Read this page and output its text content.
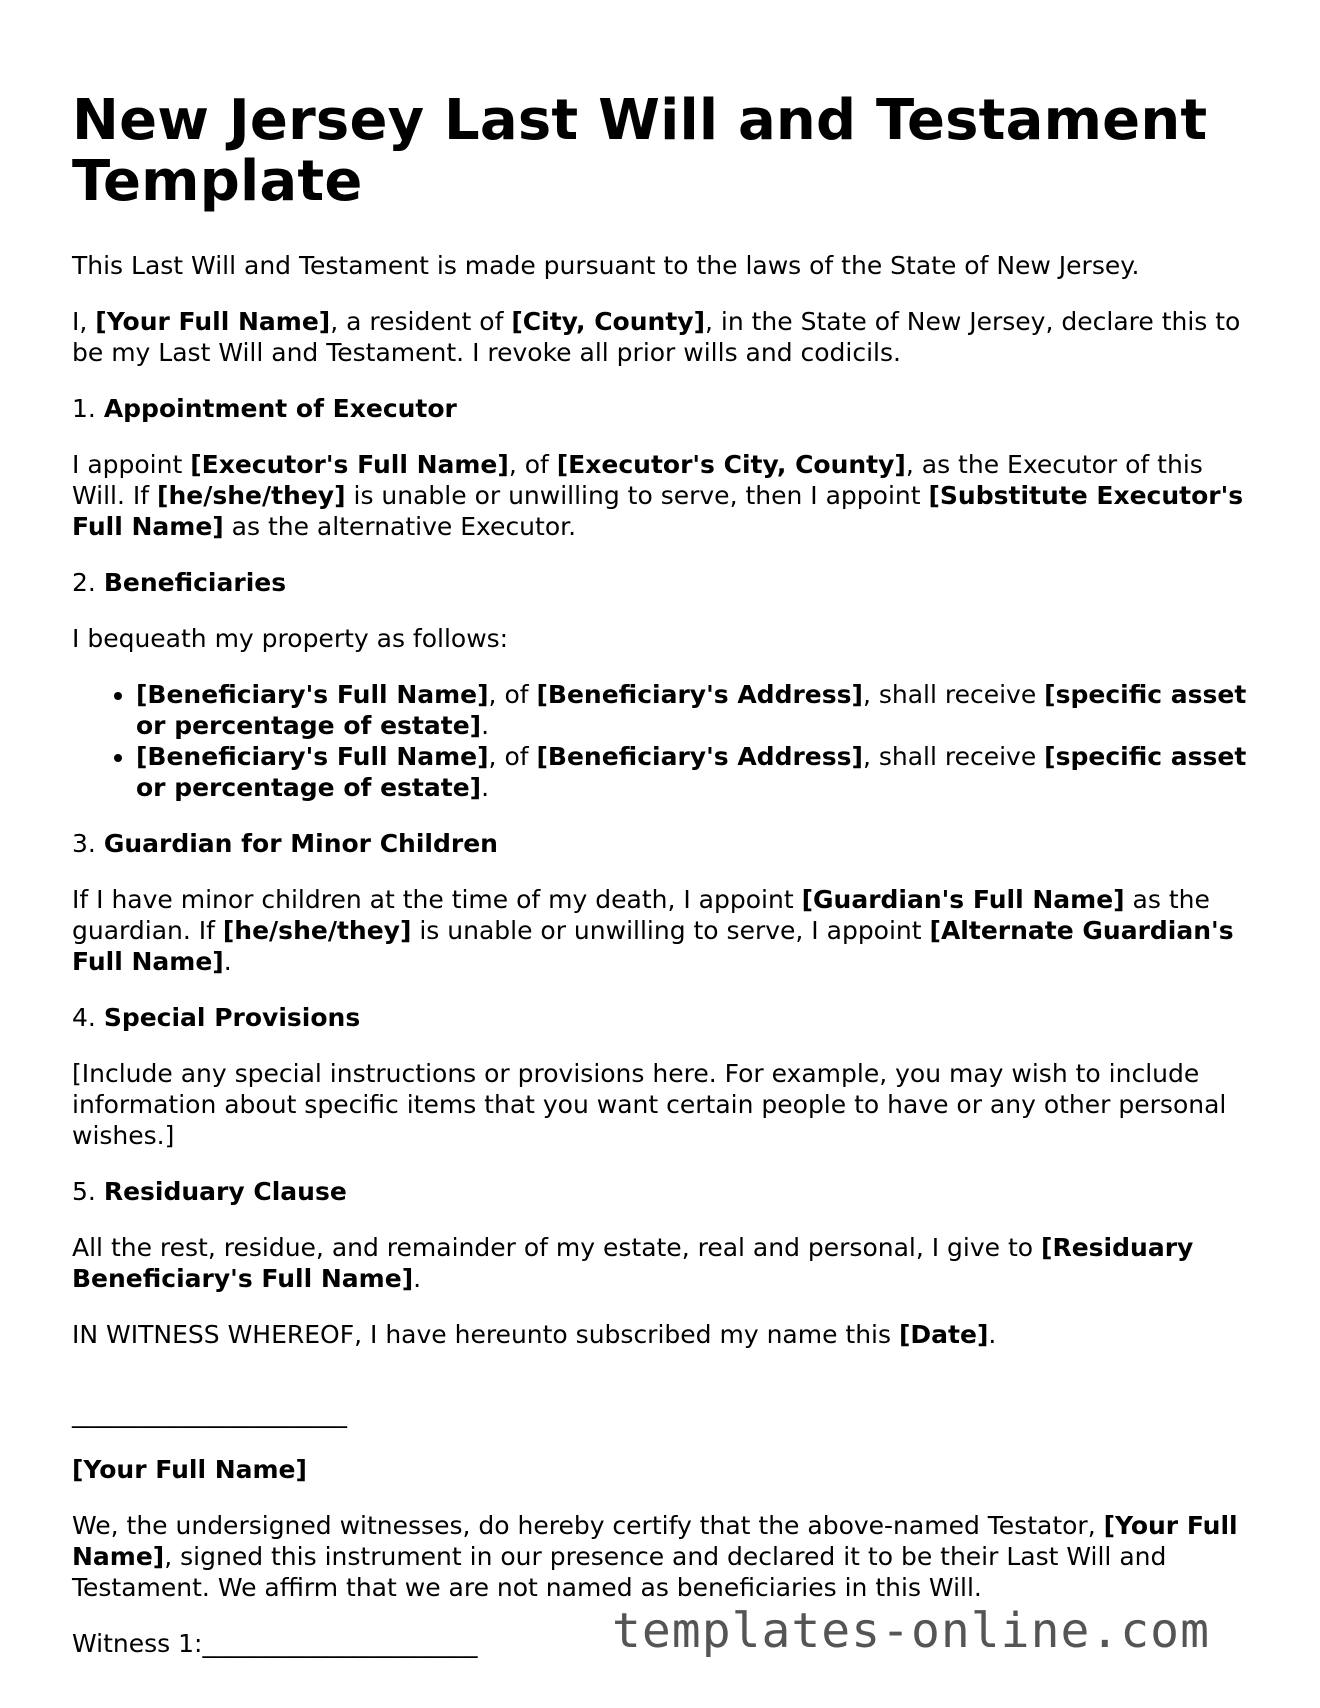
New Jersey Last Will and Testament Template

This Last Will and Testament is made pursuant to the laws of the State of New Jersey.

I, [Your Full Name], a resident of [City, County], in the State of New Jersey, declare this to be my Last Will and Testament. I revoke all prior wills and codicils.

1. Appointment of Executor

I appoint [Executor's Full Name], of [Executor's City, County], as the Executor of this Will. If [he/she/they] is unable or unwilling to serve, then I appoint [Substitute Executor's Full Name] as the alternative Executor.

2. Beneficiaries

I bequeath my property as follows:

• [Beneficiary's Full Name], of [Beneficiary's Address], shall receive [specific asset or percentage of estate].
• [Beneficiary's Full Name], of [Beneficiary's Address], shall receive [specific asset or percentage of estate].
3. Guardian for Minor Children

If I have minor children at the time of my death, I appoint [Guardian's Full Name] as the guardian. If [he/she/they] is unable or unwilling to serve, I appoint [Alternate Guardian's Full Name].

4. Special Provisions

[Include any special instructions or provisions here. For example, you may wish to include information about specific items that you want certain people to have or any other personal wishes.]

5. Residuary Clause

All the rest, residue, and remainder of my estate, real and personal, I give to [Residuary Beneficiary's Full Name].

IN WITNESS WHEREOF, I have hereunto subscribed my name this [Date].

______________________

[Your Full Name]

We, the undersigned witnesses, do hereby certify that the above-named Testator, [Your Full Name], signed this instrument in our presence and declared it to be their Last Will and Testament. We affirm that we are not named as beneficiaries in this Will.

Witness 1:______________________	templates-online.com
